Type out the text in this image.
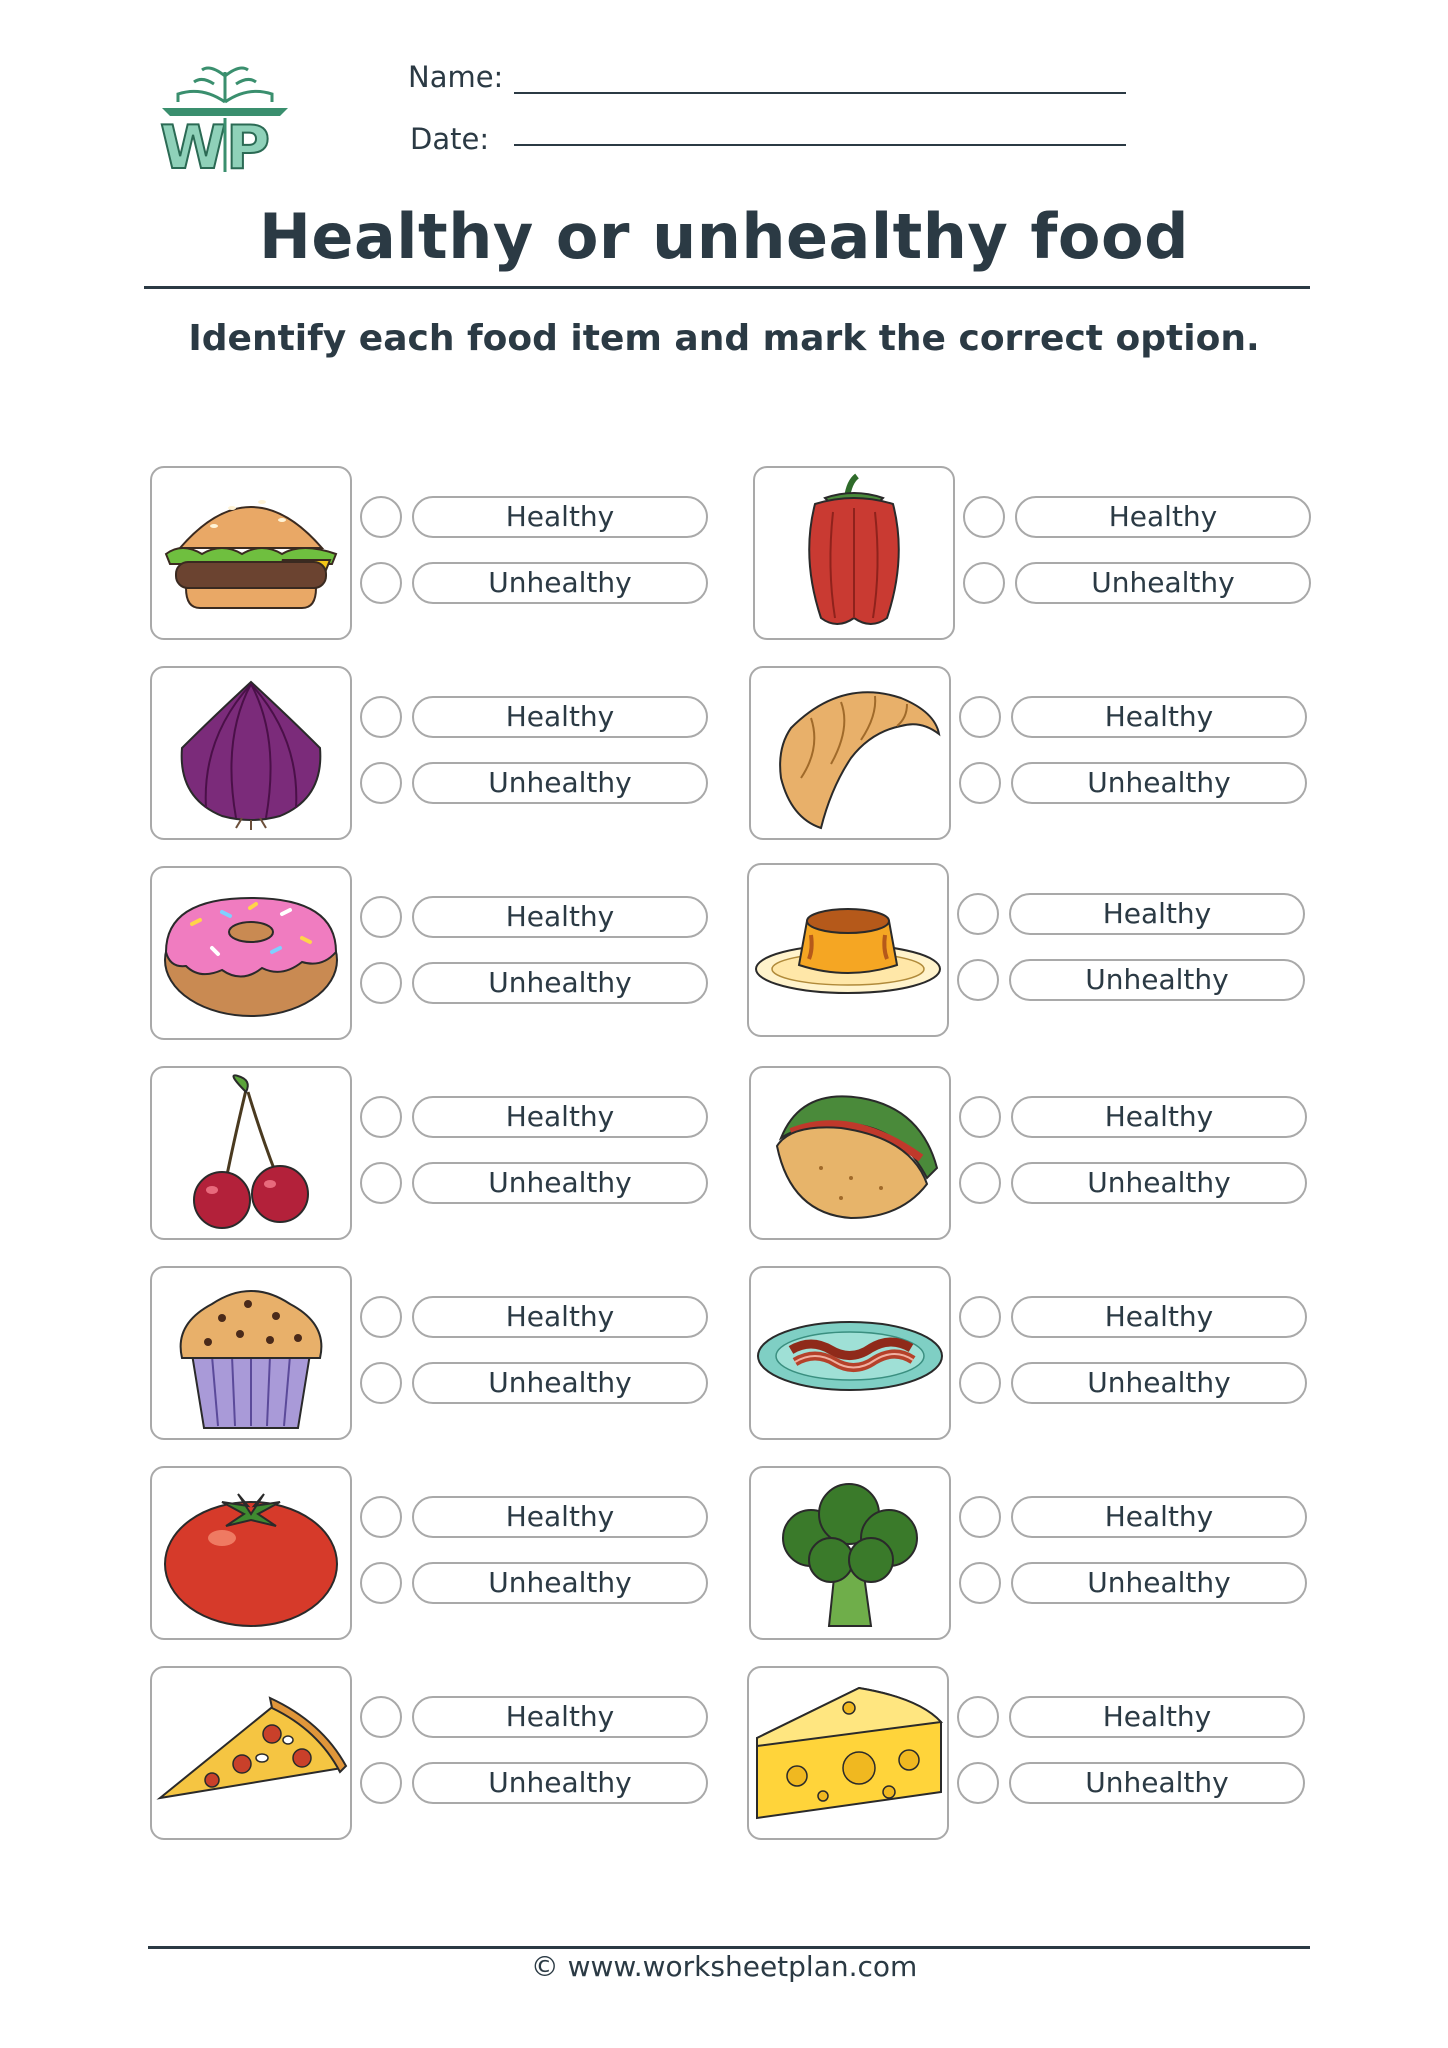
WP
Name:
Date:
Healthy or unhealthy food
Identify each food item and mark the correct option.
Healthy
Unhealthy
Healthy
Unhealthy
Healthy
Unhealthy
Healthy
Unhealthy
Healthy
Unhealthy
Healthy
Unhealthy
Healthy
Unhealthy
Healthy
Unhealthy
Healthy
Unhealthy
Healthy
Unhealthy
Healthy
Unhealthy
Healthy
Unhealthy
Healthy
Unhealthy
Healthy
Unhealthy
© www.worksheetplan.com
